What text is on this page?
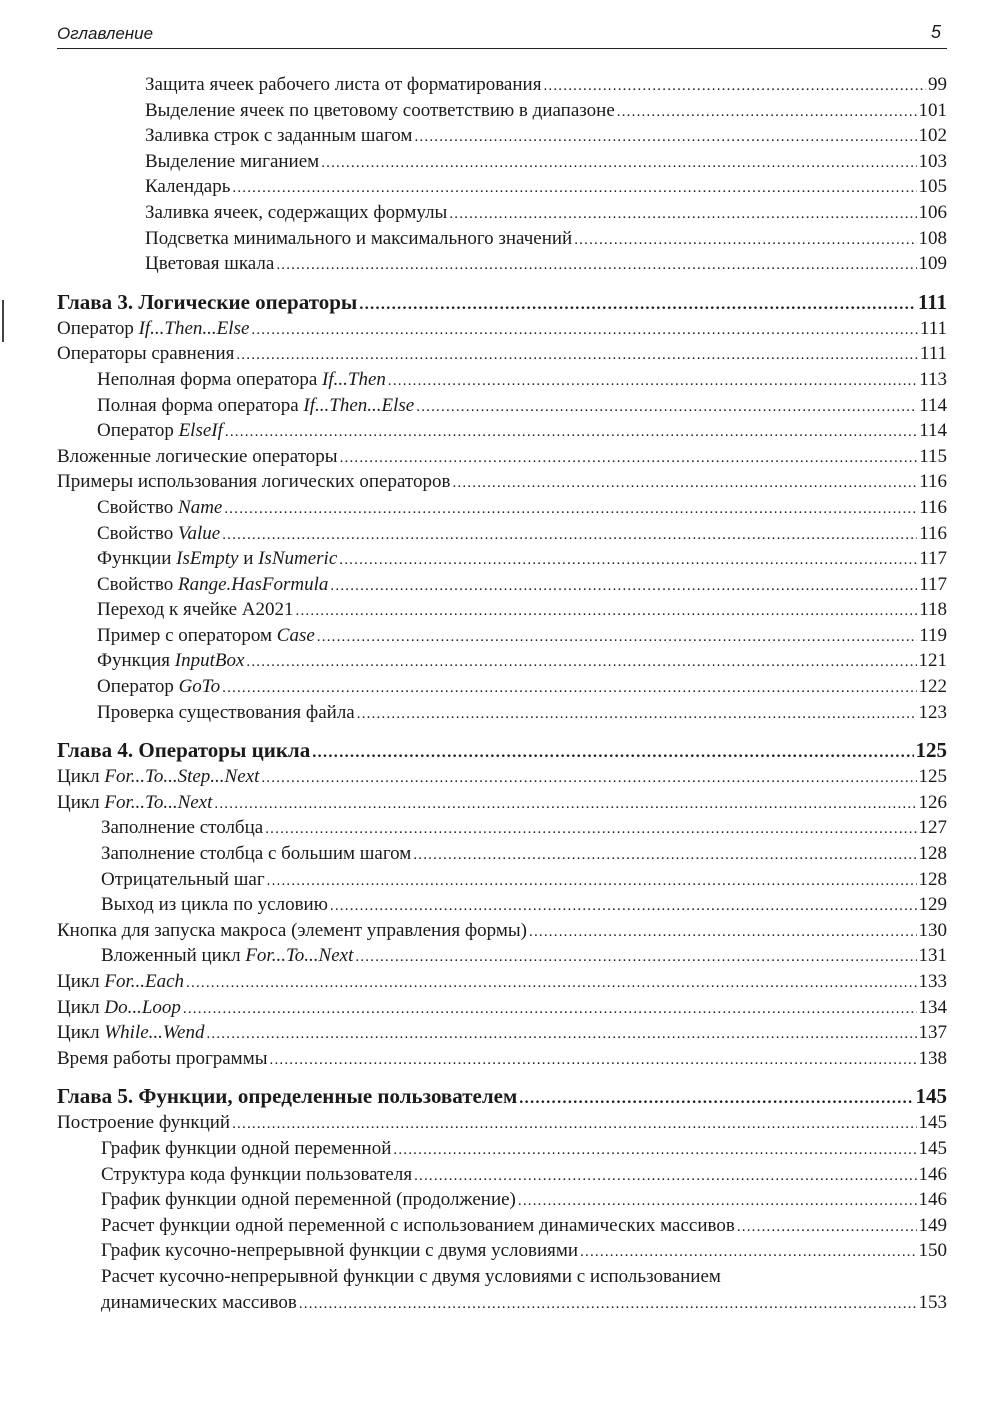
Оглавление	5
Защита ячеек рабочего листа от форматирования .....	99
Выделение ячеек по цветовому соответствию в диапазоне .....	101
Заливка строк с заданным шагом .....	102
Выделение миганием .....	103
Календарь .....	105
Заливка ячеек, содержащих формулы .....	106
Подсветка минимального и максимального значений .....	108
Цветовая шкала .....	109
Глава 3. Логические операторы .....	111
Оператор If...Then...Else .....	111
Операторы сравнения .....	111
Неполная форма оператора If...Then .....	113
Полная форма оператора If...Then...Else .....	114
Оператор ElseIf .....	114
Вложенные логические операторы .....	115
Примеры использования логических операторов .....	116
Свойство Name .....	116
Свойство Value .....	116
Функции IsEmpty и IsNumeric .....	117
Свойство Range.HasFormula .....	117
Переход к ячейке A2021 .....	118
Пример с оператором Case .....	119
Функция InputBox .....	121
Оператор GoTo .....	122
Проверка существования файла .....	123
Глава 4. Операторы цикла .....	125
Цикл For...To...Step...Next .....	125
Цикл For...To...Next .....	126
Заполнение столбца .....	127
Заполнение столбца с большим шагом .....	128
Отрицательный шаг .....	128
Выход из цикла по условию .....	129
Кнопка для запуска макроса (элемент управления формы) .....	130
Вложенный цикл For...To...Next .....	131
Цикл For...Each .....	133
Цикл Do...Loop .....	134
Цикл While...Wend .....	137
Время работы программы .....	138
Глава 5. Функции, определенные пользователем .....	145
Построение функций .....	145
График функции одной переменной .....	145
Структура кода функции пользователя .....	146
График функции одной переменной (продолжение) .....	146
Расчет функции одной переменной с использованием динамических массивов .....	149
График кусочно-непрерывной функции с двумя условиями .....	150
Расчет кусочно-непрерывной функции с двумя условиями с использованием
динамических массивов .....	153
